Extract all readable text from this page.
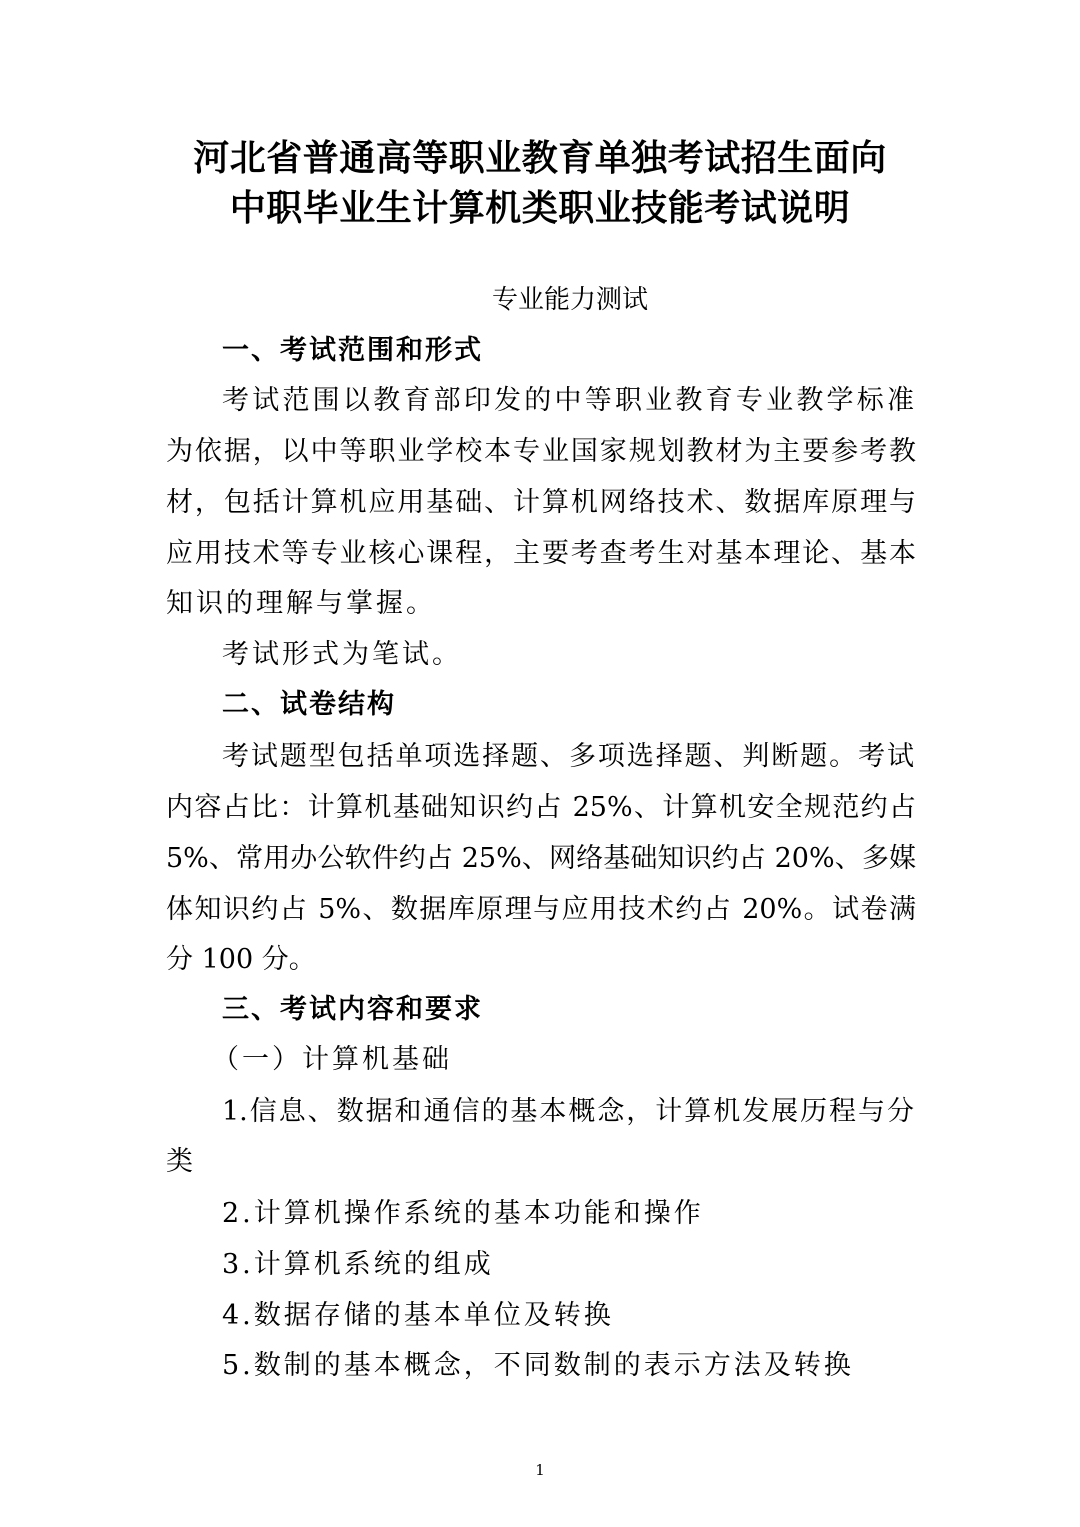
河北省普通高等职业教育单独考试招生面向
中职毕业生计算机类职业技能考试说明
专业能力测试
一、考试范围和形式
考试范围以教育部印发的中等职业教育专业教学标准
为依据，以中等职业学校本专业国家规划教材为主要参考教
材，包括计算机应用基础、计算机网络技术、数据库原理与
应用技术等专业核心课程，主要考查考生对基本理论、基本
知识的理解与掌握。
考试形式为笔试。
二、试卷结构
考试题型包括单项选择题、多项选择题、判断题。考试
内容占比：计算机基础知识约占 25%、计算机安全规范约占
5%、常用办公软件约占 25%、网络基础知识约占 20%、多媒
体知识约占 5%、数据库原理与应用技术约占 20%。试卷满
分 100 分。
三、考试内容和要求
（一）计算机基础
1.信息、数据和通信的基本概念，计算机发展历程与分
类
2.计算机操作系统的基本功能和操作
3.计算机系统的组成
4.数据存储的基本单位及转换
5.数制的基本概念，不同数制的表示方法及转换
1
